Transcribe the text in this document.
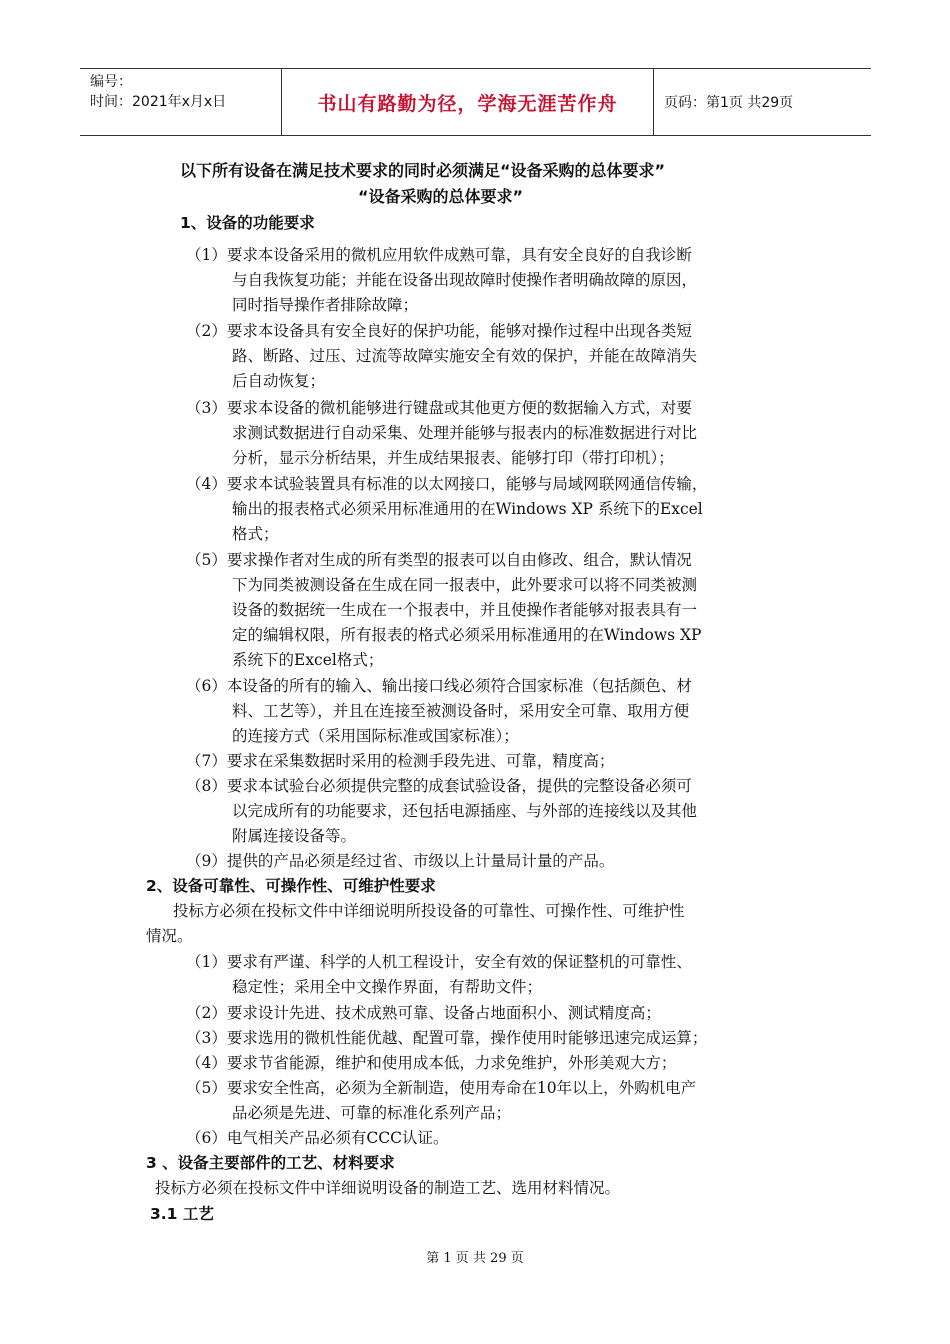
编号：
时间：2021年x月x日	书山有路勤为径，学海无涯苦作舟	页码：第1页 共29页
以下所有设备在满足技术要求的同时必须满足“设备采购的总体要求”
“设备采购的总体要求”
1、设备的功能要求
（1）要求本设备采用的微机应用软件成熟可靠，具有安全良好的自我诊断
与自我恢复功能；并能在设备出现故障时使操作者明确故障的原因，
同时指导操作者排除故障；
（2）要求本设备具有安全良好的保护功能，能够对操作过程中出现各类短
路、断路、过压、过流等故障实施安全有效的保护，并能在故障消失
后自动恢复；
（3）要求本设备的微机能够进行键盘或其他更方便的数据输入方式，对要
求测试数据进行自动采集、处理并能够与报表内的标准数据进行对比
分析，显示分析结果，并生成结果报表、能够打印（带打印机）；
（4）要求本试验装置具有标准的以太网接口，能够与局域网联网通信传输，
输出的报表格式必须采用标准通用的在Windows XP 系统下的Excel
格式；
（5）要求操作者对生成的所有类型的报表可以自由修改、组合，默认情况
下为同类被测设备在生成在同一报表中，此外要求可以将不同类被测
设备的数据统一生成在一个报表中，并且使操作者能够对报表具有一
定的编辑权限，所有报表的格式必须采用标准通用的在Windows XP
系统下的Excel格式；
（6）本设备的所有的输入、输出接口线必须符合国家标准（包括颜色、材
料、工艺等），并且在连接至被测设备时，采用安全可靠、取用方便
的连接方式（采用国际标准或国家标准）；
（7）要求在采集数据时采用的检测手段先进、可靠，精度高；
（8）要求本试验台必须提供完整的成套试验设备，提供的完整设备必须可
以完成所有的功能要求，还包括电源插座、与外部的连接线以及其他
附属连接设备等。
（9）提供的产品必须是经过省、市级以上计量局计量的产品。
2、设备可靠性、可操作性、可维护性要求
投标方必须在投标文件中详细说明所投设备的可靠性、可操作性、可维护性
情况。
（1）要求有严谨、科学的人机工程设计，安全有效的保证整机的可靠性、
稳定性；采用全中文操作界面，有帮助文件；
（2）要求设计先进、技术成熟可靠、设备占地面积小、测试精度高；
（3）要求选用的微机性能优越、配置可靠，操作使用时能够迅速完成运算；
（4）要求节省能源，维护和使用成本低，力求免维护，外形美观大方；
（5）要求安全性高，必须为全新制造，使用寿命在10年以上，外购机电产
品必须是先进、可靠的标准化系列产品；
（6）电气相关产品必须有CCC认证。
3 、设备主要部件的工艺、材料要求
投标方必须在投标文件中详细说明设备的制造工艺、选用材料情况。
3.1 工艺
第 1 页 共 29 页
